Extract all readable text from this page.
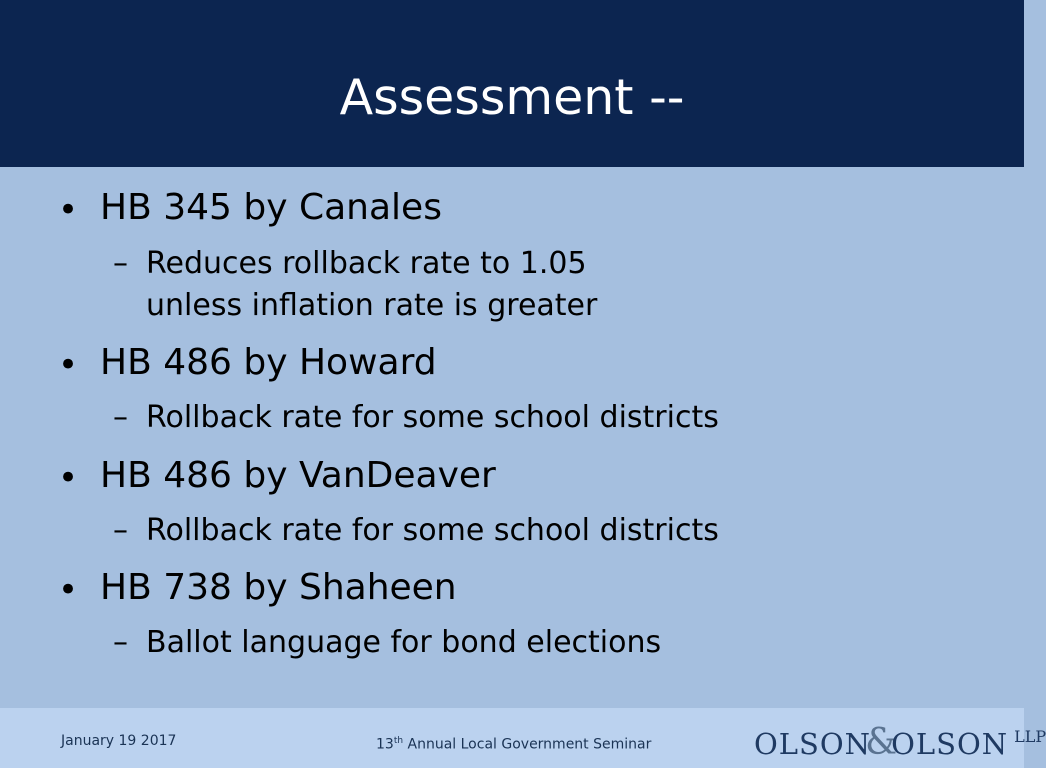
Assessment --
• HB 345 by Canales
– Reduces rollback rate to 1.05
unless inflation rate is greater
• HB 486 by Howard
– Rollback rate for some school districts
• HB 486 by VanDeaver
– Rollback rate for some school districts
• HB 738 by Shaheen
– Ballot language for bond elections
January 19 2017	13th Annual Local Government Seminar	OLSON&OLSON LLP
